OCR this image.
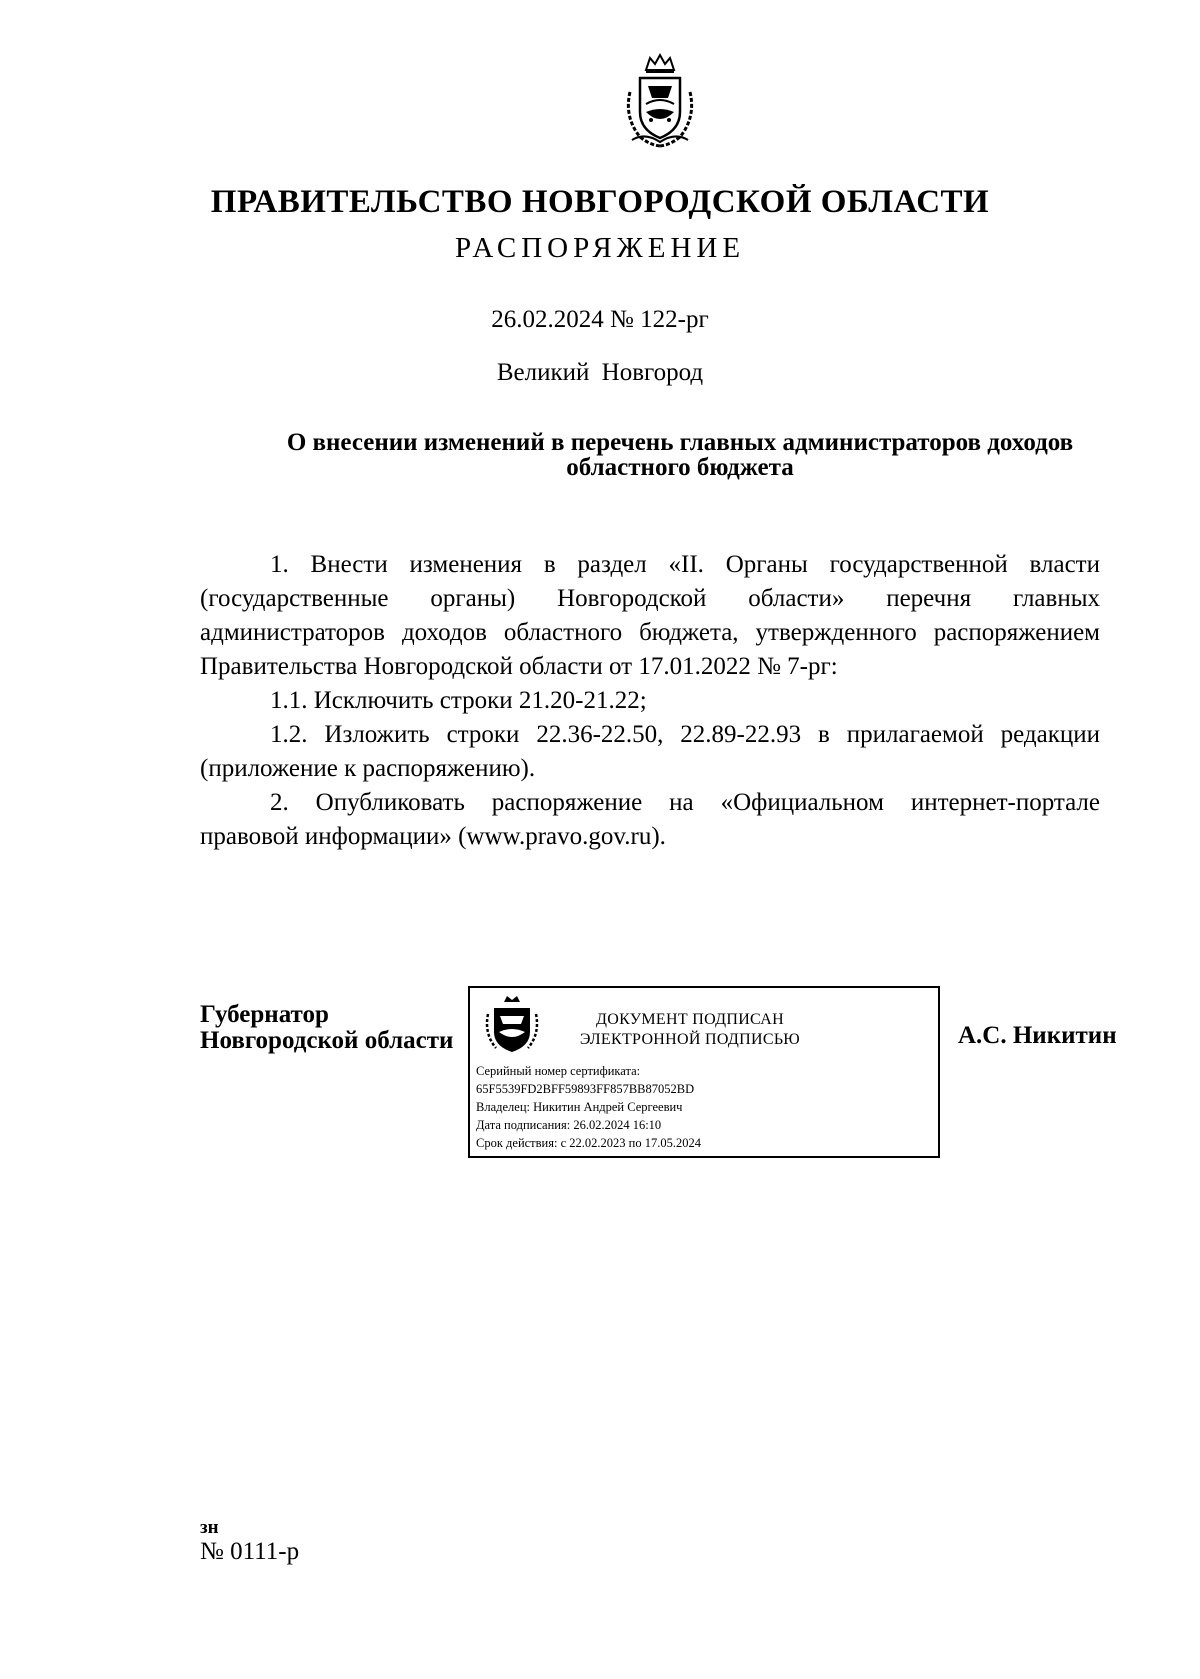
ПРАВИТЕЛЬСТВО НОВГОРОДСКОЙ ОБЛАСТИ
РАСПОРЯЖЕНИЕ
26.02.2024 № 122-рг
Великий Новгород
О внесении изменений в перечень главных администраторов доходов
областного бюджета

1. Внести изменения в раздел «II. Органы государственной власти (государственные органы) Новгородской области» перечня главных администраторов доходов областного бюджета, утвержденного распоряжением Правительства Новгородской области от 17.01.2022 № 7-рг:

1.1. Исключить строки 21.20-21.22;

1.2. Изложить строки 22.36-22.50, 22.89-22.93 в прилагаемой редакции (приложение к распоряжению).

2. Опубликовать распоряжение на «Официальном интернет-портале правовой информации» (www.pravo.gov.ru).

Губернатор
Новгородской области
ДОКУМЕНТ ПОДПИСАН
ЭЛЕКТРОННОЙ ПОДПИСЬЮ
Серийный номер сертификата:
65F5539FD2BFF59893FF857BB87052BD
Владелец: Никитин Андрей Сергеевич
Дата подписания: 26.02.2024 16:10
Срок действия: с 22.02.2023 по 17.05.2024
А.С. Никитин
зн
№ 0111-р
